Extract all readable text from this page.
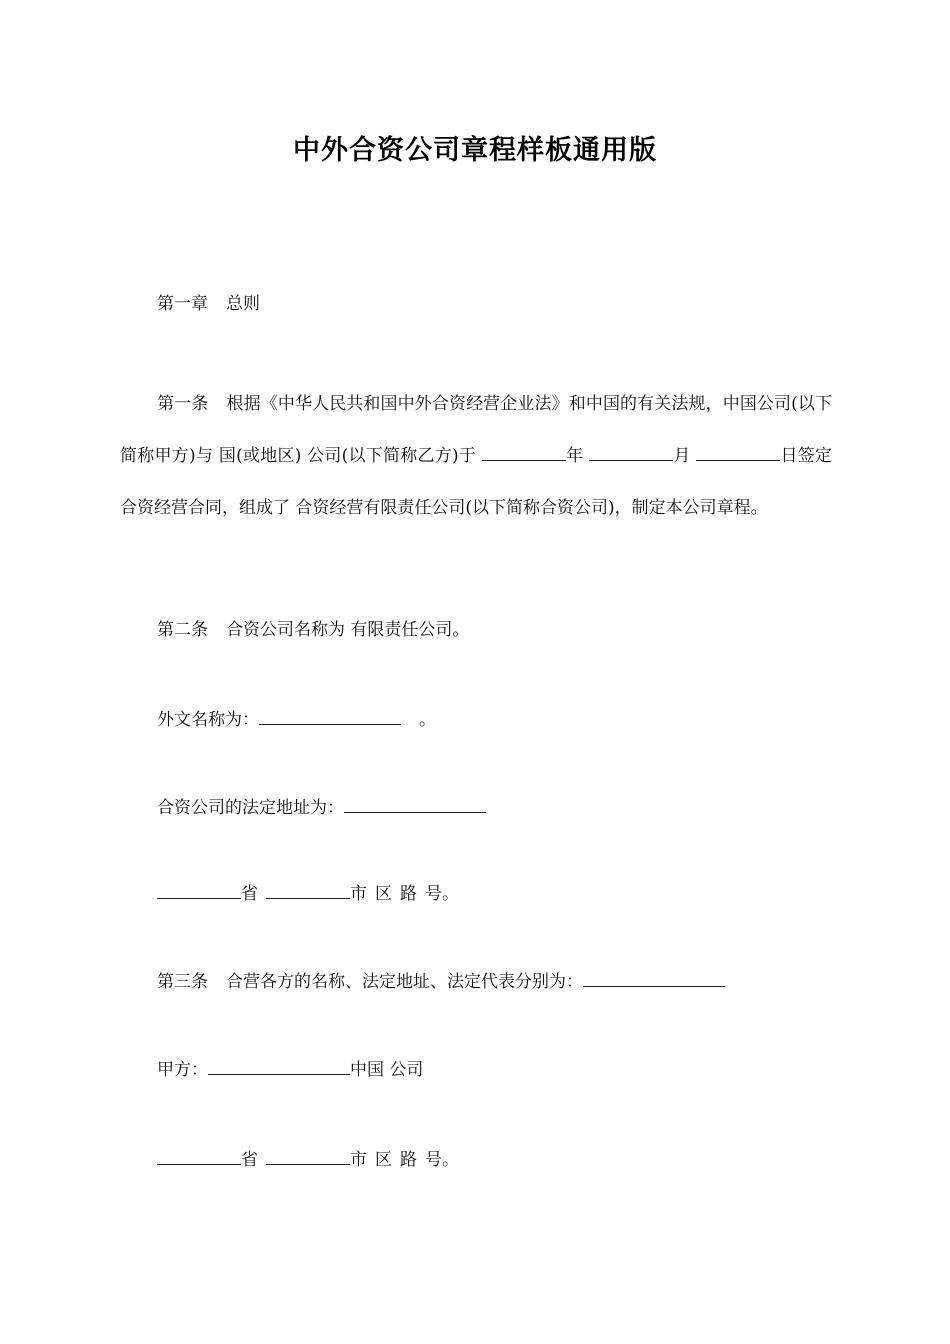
中外合资公司章程样板通用版
第一章 总则
第一条 根据《中华人民共和国中外合资经营企业法》和中国的有关法规，中国公司(以下简称甲方)与 国(或地区) 公司(以下简称乙方)于	年	月	日签定合资经营合同，组成了 合资经营有限责任公司(以下简称合资公司)，制定本公司章程。
第二条 合资公司名称为 有限责任公司。
外文名称为：	。
合资公司的法定地址为：
省	市 区 路 号。
第三条 合营各方的名称、法定地址、法定代表分别为：
甲方：	中国 公司
省	市 区 路 号。
